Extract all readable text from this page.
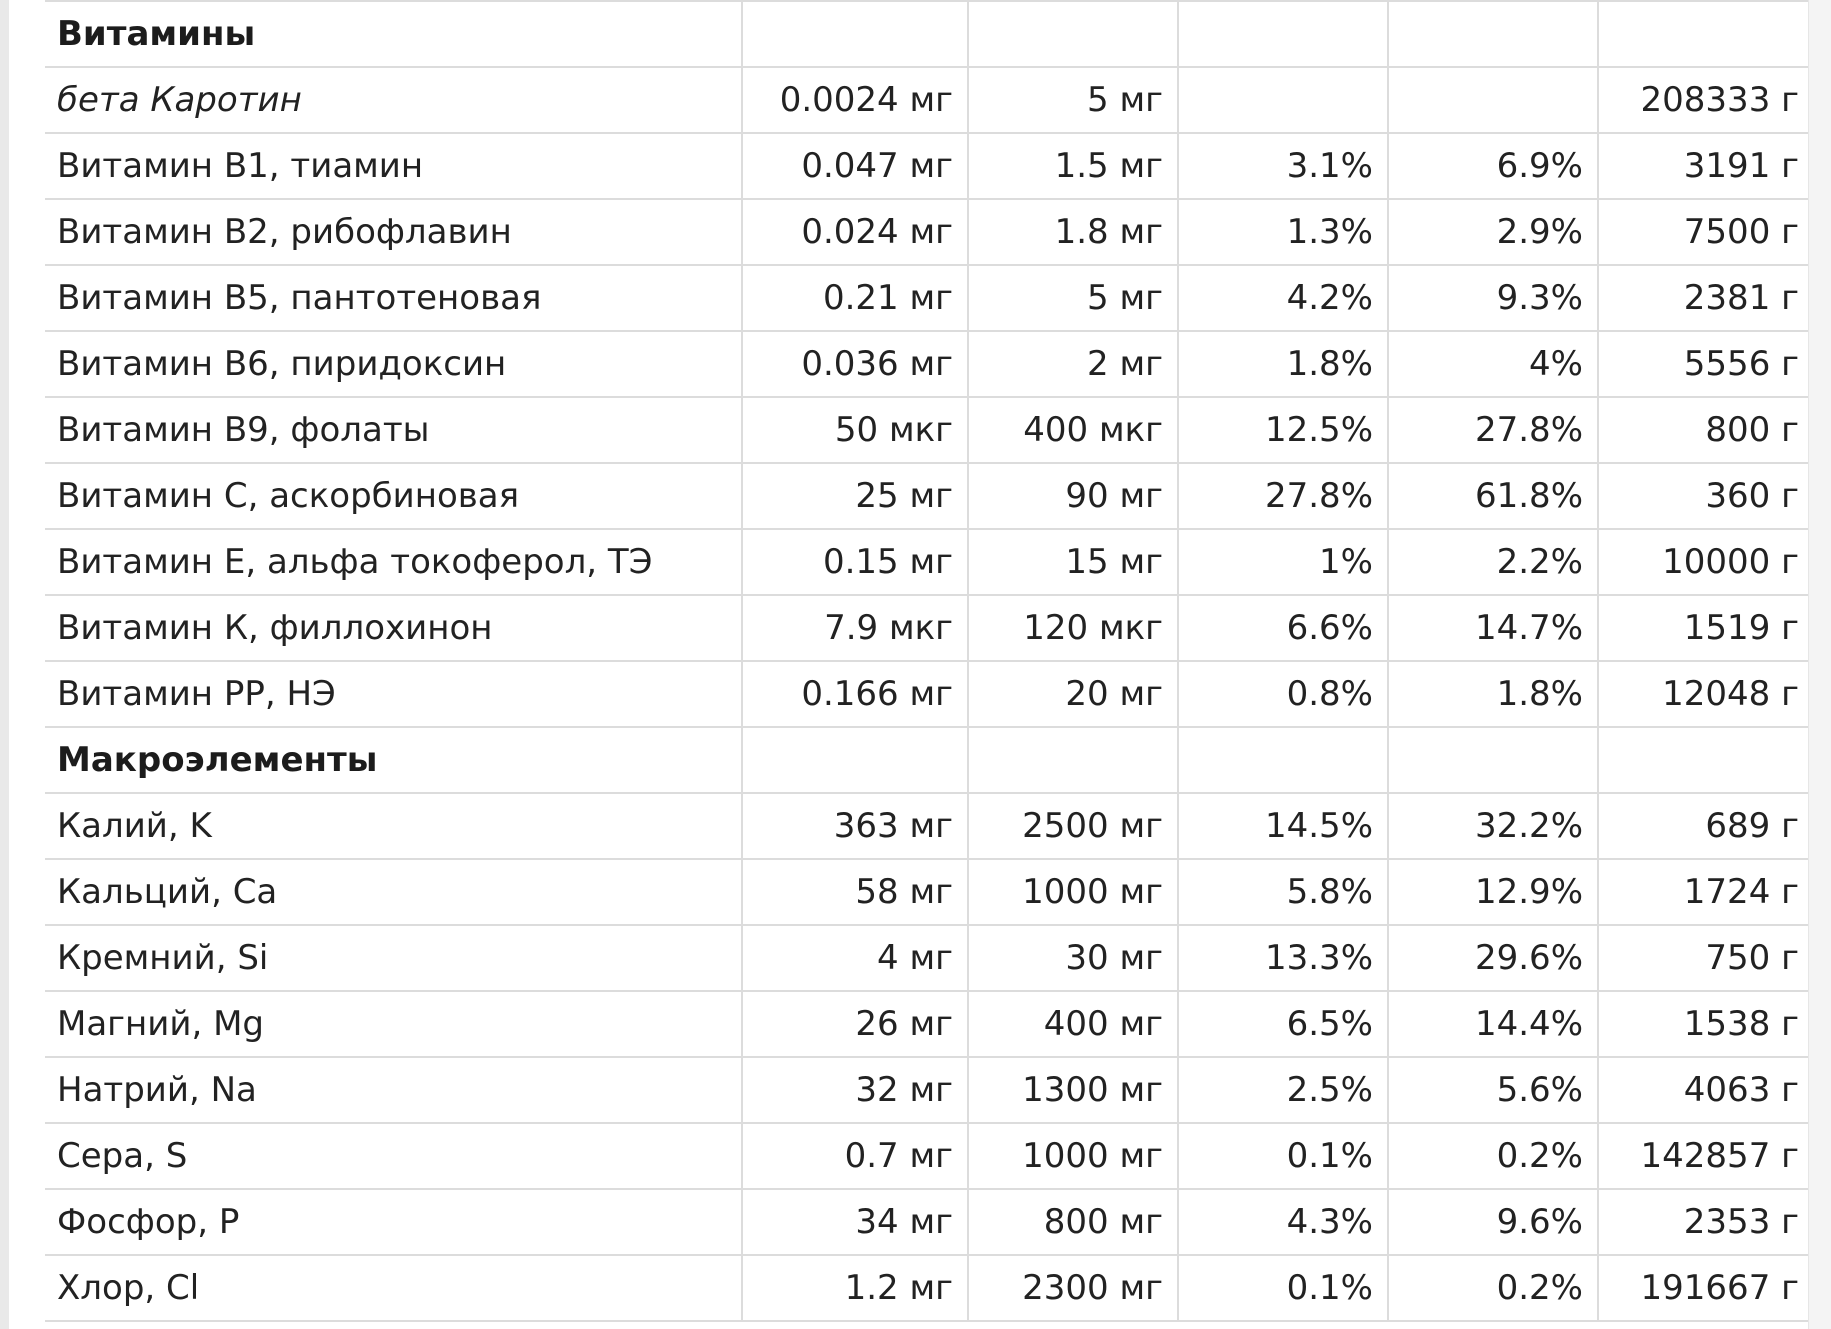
Витамины					
бета Каротин	0.0024 мг	5 мг			208333 г
Витамин В1, тиамин	0.047 мг	1.5 мг	3.1%	6.9%	3191 г
Витамин В2, рибофлавин	0.024 мг	1.8 мг	1.3%	2.9%	7500 г
Витамин В5, пантотеновая	0.21 мг	5 мг	4.2%	9.3%	2381 г
Витамин В6, пиридоксин	0.036 мг	2 мг	1.8%	4%	5556 г
Витамин В9, фолаты	50 мкг	400 мкг	12.5%	27.8%	800 г
Витамин C, аскорбиновая	25 мг	90 мг	27.8%	61.8%	360 г
Витамин Е, альфа токоферол, ТЭ	0.15 мг	15 мг	1%	2.2%	10000 г
Витамин К, филлохинон	7.9 мкг	120 мкг	6.6%	14.7%	1519 г
Витамин РР, НЭ	0.166 мг	20 мг	0.8%	1.8%	12048 г
Макроэлементы					
Калий, K	363 мг	2500 мг	14.5%	32.2%	689 г
Кальций, Ca	58 мг	1000 мг	5.8%	12.9%	1724 г
Кремний, Si	4 мг	30 мг	13.3%	29.6%	750 г
Магний, Mg	26 мг	400 мг	6.5%	14.4%	1538 г
Натрий, Na	32 мг	1300 мг	2.5%	5.6%	4063 г
Сера, S	0.7 мг	1000 мг	0.1%	0.2%	142857 г
Фосфор, P	34 мг	800 мг	4.3%	9.6%	2353 г
Хлор, Cl	1.2 мг	2300 мг	0.1%	0.2%	191667 г
